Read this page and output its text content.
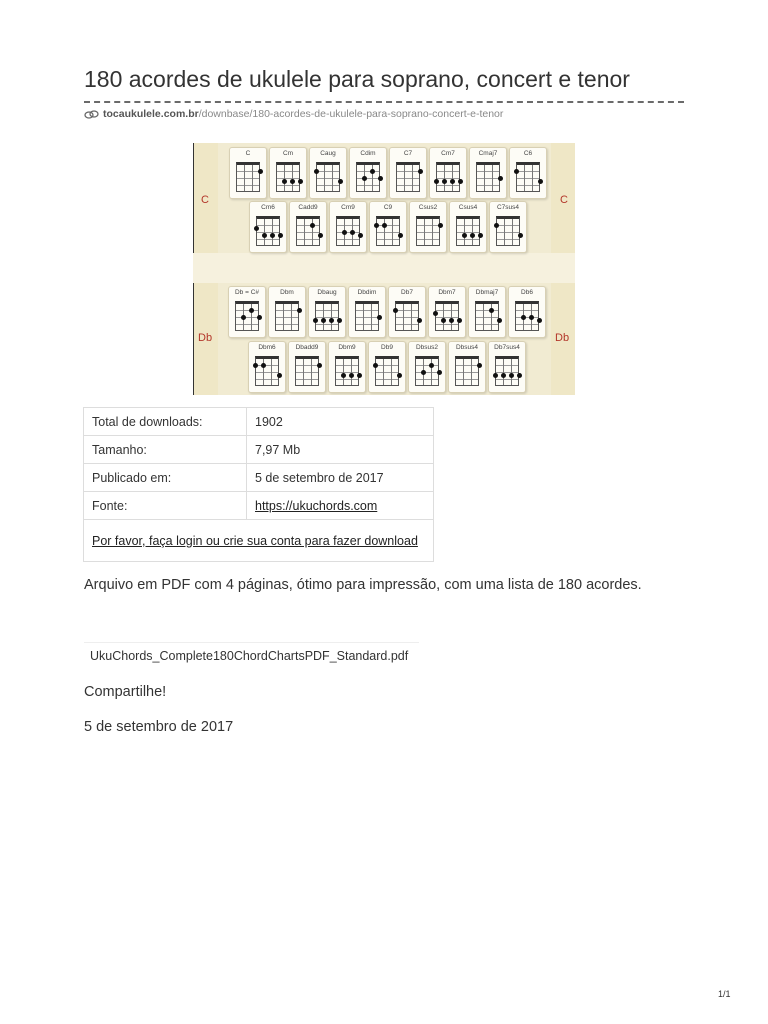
180 acordes de ukulele para soprano, concert e tenor
tocaukulele.com.br /downbase/180-acordes-de-ukulele-para-soprano-concert-e-tenor
C	C
Db	Db
C	Cm	Caug	Cdim	C7	Cm7	Cmaj7	C6
Cm6	Cadd9	Cm9	C9	Csus2	Csus4	C7sus4
Db = C#	Dbm	Dbaug	Dbdim	Db7	Dbm7	Dbmaj7	Db6
Dbm6	Dbadd9	Dbm9	Db9	Dbsus2	Dbsus4	Db7sus4
Total de downloads:	1902
Tamanho:	7,97 Mb
Publicado em:	5 de setembro de 2017
Fonte:	https://ukuchords.com
Por favor, faça login ou crie sua conta para fazer download	
Arquivo em PDF com 4 páginas, ótimo para impressão, com uma lista de 180 acordes.
UkuChords_Complete180ChordChartsPDF_Standard.pdf
Compartilhe!
5 de setembro de 2017
1/1
